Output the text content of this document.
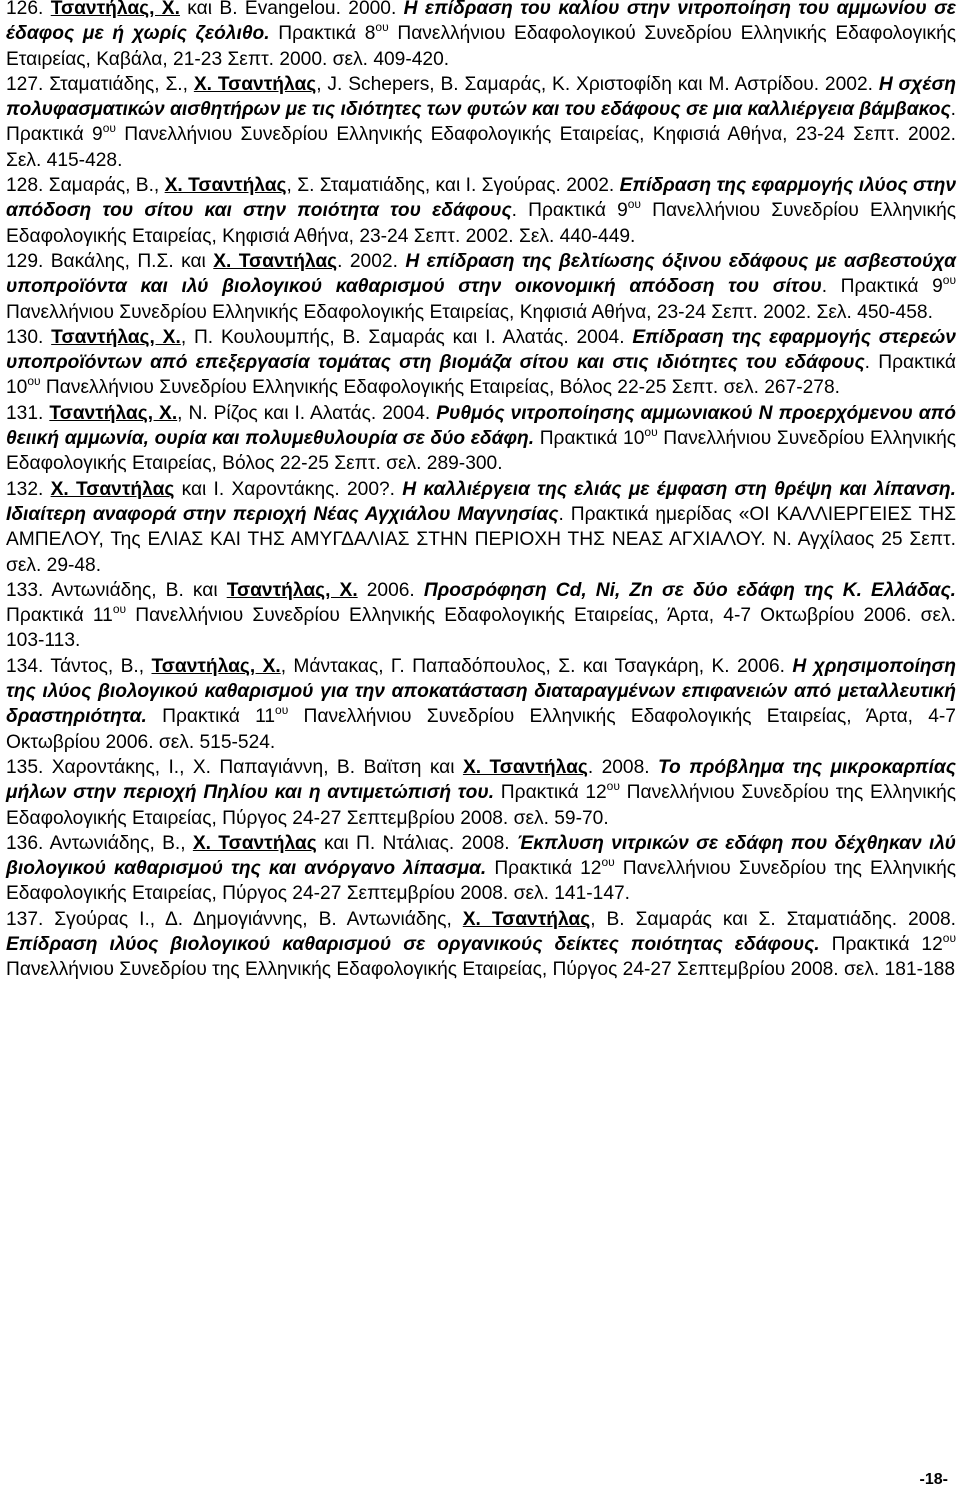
126. Τσαντήλας, Χ. και B. Evangelou. 2000. Η επίδραση του καλίου στην νιτροποίηση του αμμωνίου σε έδαφος με ή χωρίς ζεόλιθο. Πρακτικά $8^{o\upsilon}$ Πανελλήνιου Εδαφολογικού Συνεδρίου Ελληνικής Εδαφολογικής Εταιρείας, Καβάλα, 21-23 Σεπτ. 2000. σελ. 409-420.

127. Σταματιάδης, Σ., Χ. Τσαντήλας, J. Schepers, Β. Σαμαράς, Κ. Χριστοφίδη και Μ. Αστρίδου. 2002. Η σχέση πολυφασματικών αισθητήρων με τις ιδιότητες των φυτών και του εδάφους σε μια καλλιέργεια βάμβακος. Πρακτικά $9^{o\upsilon}$ Πανελλήνιου Συνεδρίου Ελληνικής Εδαφολογικής Εταιρείας, Κηφισιά Αθήνα, 23-24 Σεπτ. 2002. Σελ. 415-428.

128. Σαμαράς, Β., Χ. Τσαντήλας, Σ. Σταματιάδης, και Ι. Σγούρας. 2002. Επίδραση της εφαρμογής ιλύος στην απόδοση του σίτου και στην ποιότητα του εδάφους. Πρακτικά $9^{o\upsilon}$ Πανελλήνιου Συνεδρίου Ελληνικής Εδαφολογικής Εταιρείας, Κηφισιά Αθήνα, 23-24 Σεπτ. 2002. Σελ. 440-449.

129. Βακάλης, Π.Σ. και Χ. Τσαντήλας. 2002. Η επίδραση της βελτίωσης όξινου εδάφους με ασβεστούχα υποπροϊόντα και ιλύ βιολογικού καθαρισμού στην οικονομική απόδοση του σίτου. Πρακτικά $9^{o\upsilon}$ Πανελλήνιου Συνεδρίου Ελληνικής Εδαφολογικής Εταιρείας, Κηφισιά Αθήνα, 23-24 Σεπτ. 2002. Σελ. 450-458.

130. Τσαντήλας, Χ., Π. Κουλουμπής, Β. Σαμαράς και Ι. Αλατάς. 2004. Επίδραση της εφαρμογής στερεών υποπροϊόντων από επεξεργασία τομάτας στη βιομάζα σίτου και στις ιδιότητες του εδάφους. Πρακτικά $10^{o\upsilon}$ Πανελλήνιου Συνεδρίου Ελληνικής Εδαφολογικής Εταιρείας, Βόλος 22-25 Σεπτ. σελ. 267-278.

131. Τσαντήλας, Χ., Ν. Ρίζος και Ι. Αλατάς. 2004. Ρυθμός νιτροποίησης αμμωνιακού Ν προερχόμενου από θειική αμμωνία, ουρία και πολυμεθυλουρία σε δύο εδάφη. Πρακτικά $10^{o\upsilon}$ Πανελλήνιου Συνεδρίου Ελληνικής Εδαφολογικής Εταιρείας, Βόλος 22-25 Σεπτ. σελ. 289-300.

132. Χ. Τσαντήλας και Ι. Χαροντάκης. 200?. Η καλλιέργεια της ελιάς με έμφαση στη θρέψη και λίπανση. Ιδιαίτερη αναφορά στην περιοχή Νέας Αγχιάλου Μαγνησίας. Πρακτικά ημερίδας «ΟΙ ΚΑΛΛΙΕΡΓΕΙΕΣ ΤΗΣ ΑΜΠΕΛΟΥ, Της ΕΛΙΑΣ ΚΑΙ ΤΗΣ ΑΜΥΓΔΑΛΙΑΣ ΣΤΗΝ ΠΕΡΙΟΧΗ ΤΗΣ ΝΕΑΣ ΑΓΧΙΑΛΟΥ. Ν. Αγχίλαος 25 Σεπτ. σελ. 29-48.

133. Αντωνιάδης, Β. και Τσαντήλας, Χ. 2006. Προσρόφηση Cd, Ni, Zn σε δύο εδάφη της Κ. Ελλάδας. Πρακτικά $11^{o\upsilon}$ Πανελλήνιου Συνεδρίου Ελληνικής Εδαφολογικής Εταιρείας, Άρτα, 4-7 Οκτωβρίου 2006. σελ. 103-113.

134. Τάντος, Β., Τσαντήλας, Χ., Μάντακας, Γ. Παπαδόπουλος, Σ. και Τσαγκάρη, Κ. 2006. Η χρησιμοποίηση της ιλύος βιολογικού καθαρισμού για την αποκατάσταση διαταραγμένων επιφανειών από μεταλλευτική δραστηριότητα. Πρακτικά $11^{o\upsilon}$ Πανελλήνιου Συνεδρίου Ελληνικής Εδαφολογικής Εταιρείας, Άρτα, 4-7 Οκτωβρίου 2006. σελ. 515-524.

135. Χαροντάκης, Ι., Χ. Παπαγιάννη, Β. Βαϊτση και Χ. Τσαντήλας. 2008. Το πρόβλημα της μικροκαρπίας μήλων στην περιοχή Πηλίου και η αντιμετώπισή του. Πρακτικά $12^{o\upsilon}$ Πανελλήνιου Συνεδρίου της Ελληνικής Εδαφολογικής Εταιρείας, Πύργος 24-27 Σεπτεμβρίου 2008. σελ. 59-70.

136. Αντωνιάδης, Β., Χ. Τσαντήλας και Π. Ντάλιας. 2008. Έκπλυση νιτρικών σε εδάφη που δέχθηκαν ιλύ βιολογικού καθαρισμού της και ανόργανο λίπασμα. Πρακτικά $12^{o\upsilon}$ Πανελλήνιου Συνεδρίου της Ελληνικής Εδαφολογικής Εταιρείας, Πύργος 24-27 Σεπτεμβρίου 2008. σελ. 141-147.

137. Σγούρας Ι., Δ. Δημογιάννης, Β. Αντωνιάδης, Χ. Τσαντήλας, Β. Σαμαράς και Σ. Σταματιάδης. 2008. Επίδραση ιλύος βιολογικού καθαρισμού σε οργανικούς δείκτες ποιότητας εδάφους. Πρακτικά $12^{o\upsilon}$ Πανελλήνιου Συνεδρίου της Ελληνικής Εδαφολογικής Εταιρείας, Πύργος 24-27 Σεπτεμβρίου 2008. σελ. 181-188

-18-
